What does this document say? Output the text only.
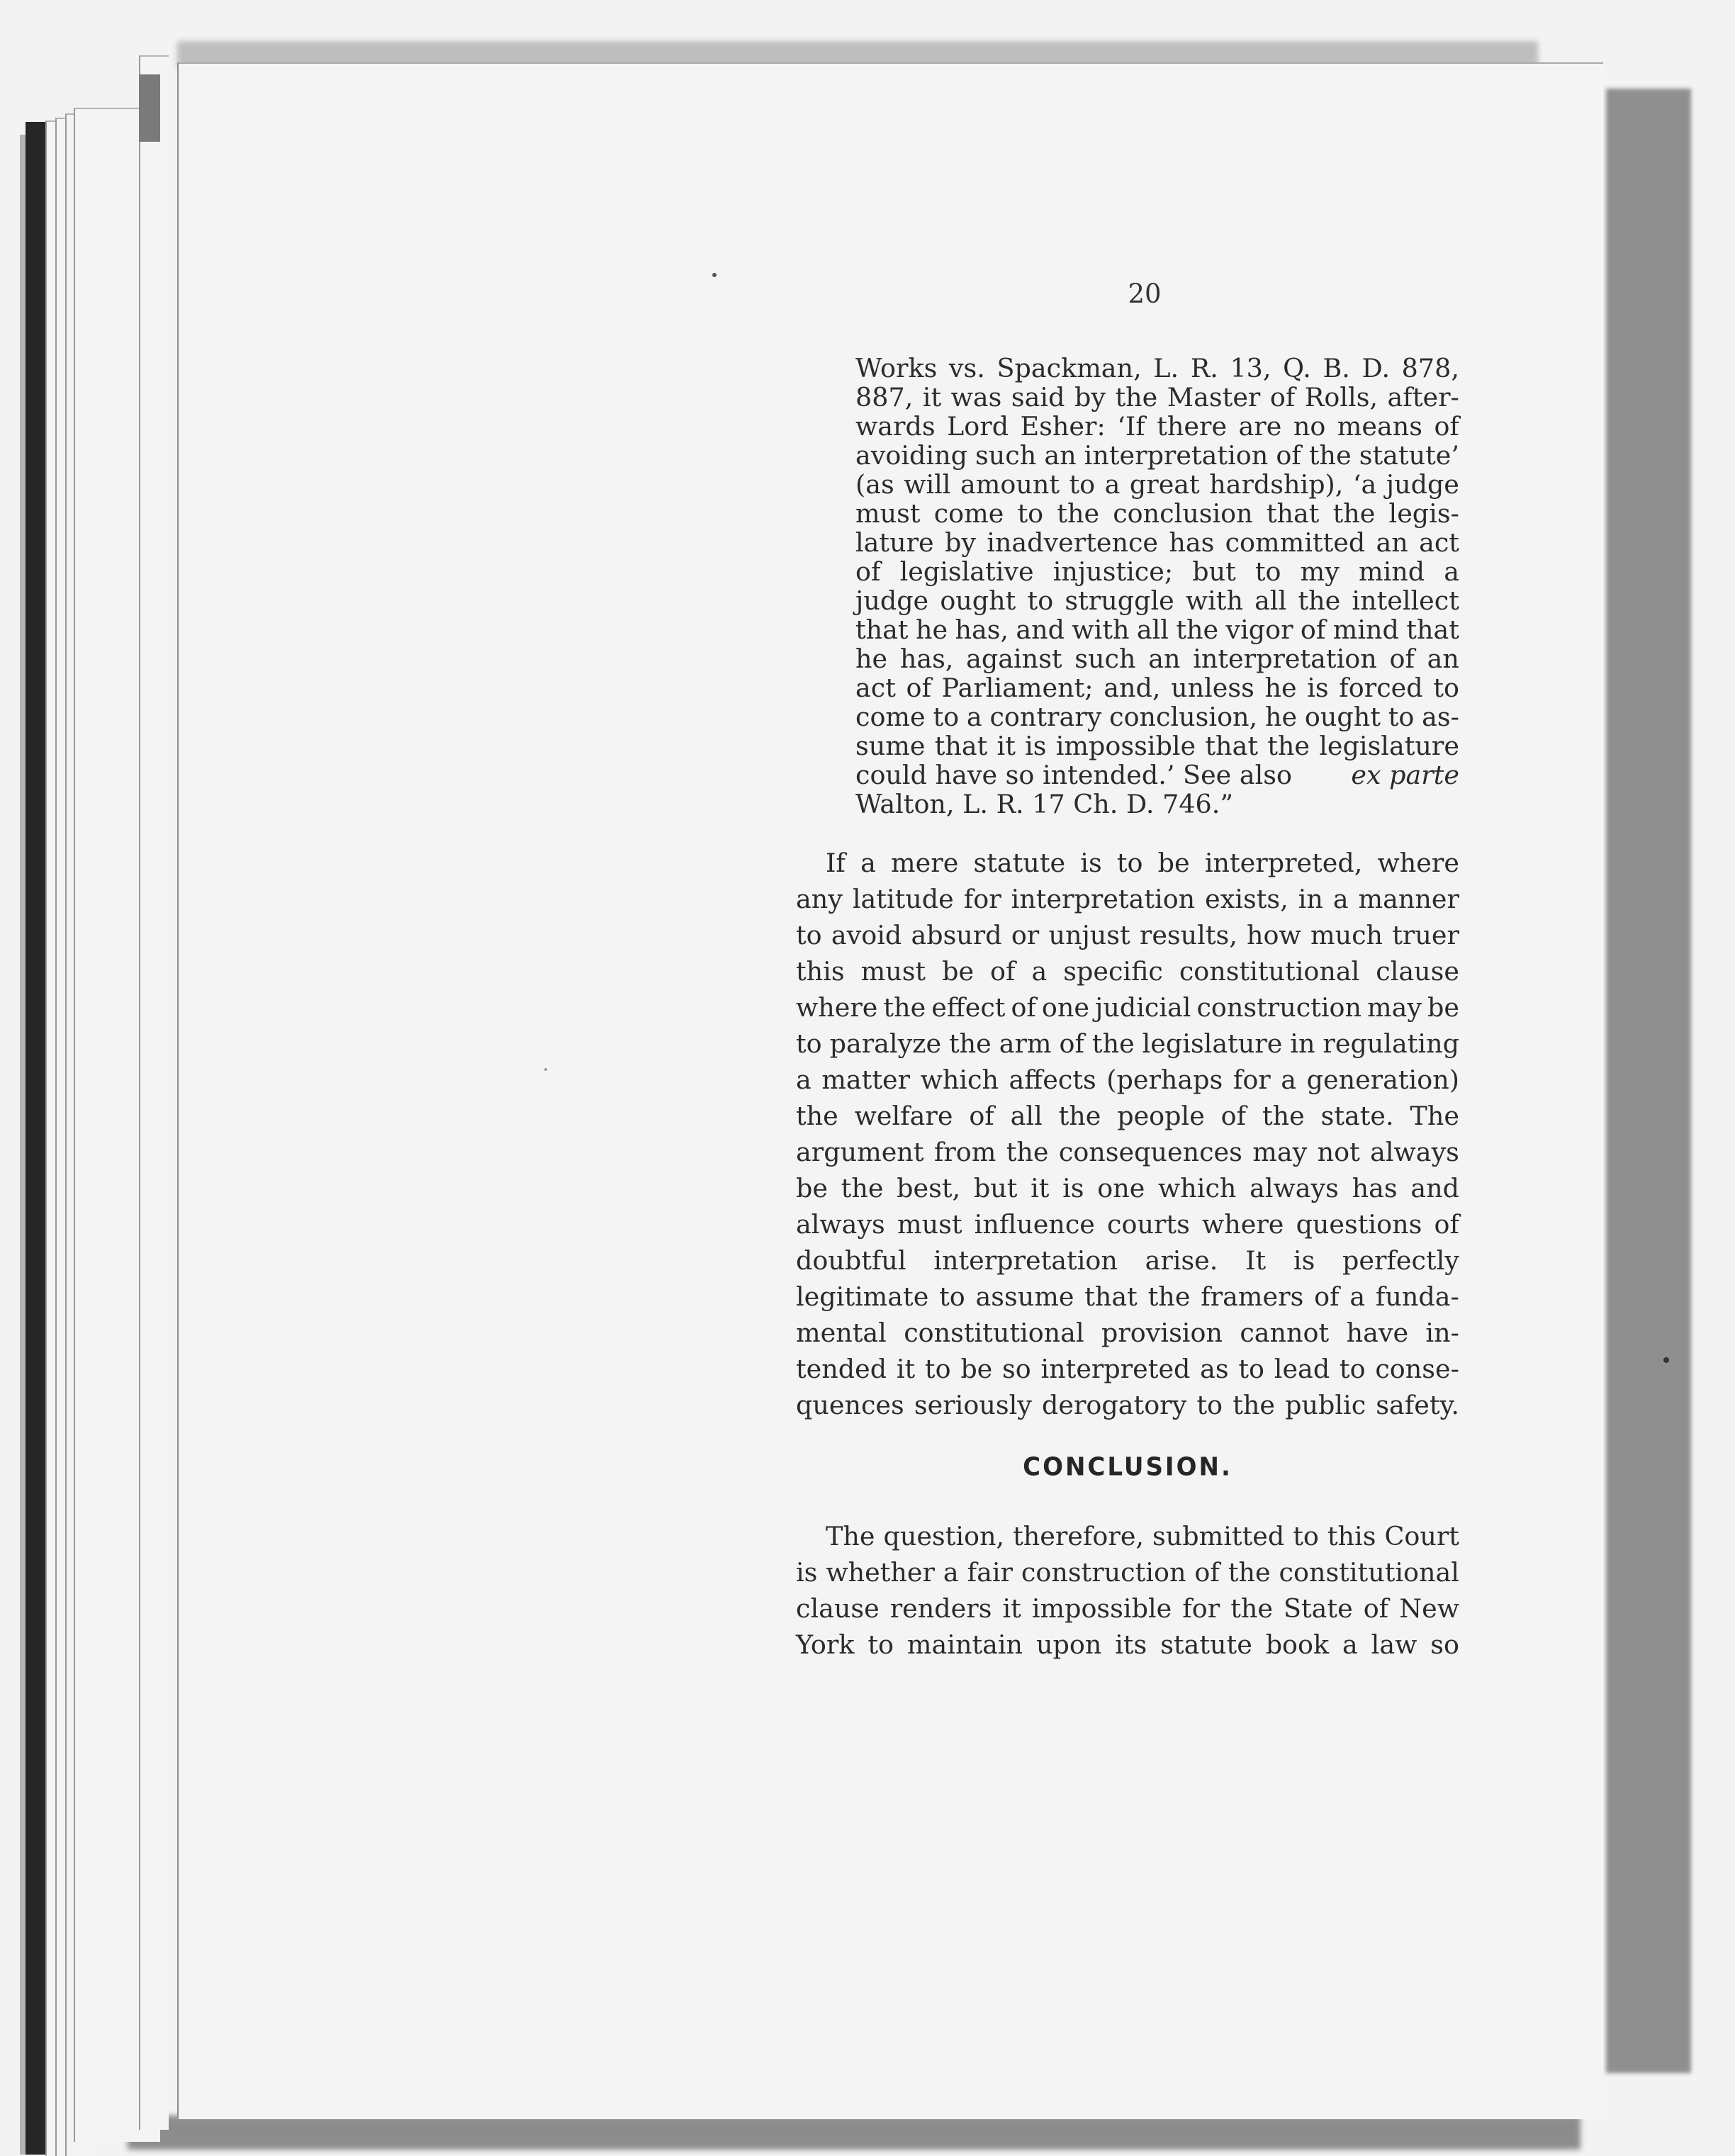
20
Works vs. Spackman, L. R. 13, Q. B. D. 878,
887, it was said by the Master of Rolls, after-
wards Lord Esher: ‘If there are no means of
avoiding such an interpretation of the statute’
(as will amount to a great hardship), ‘a judge
must come to the conclusion that the legis-
lature by inadvertence has committed an act
of legislative injustice; but to my mind a
judge ought to struggle with all the intellect
that he has, and with all the vigor of mind that
he has, against such an interpretation of an
act of Parliament; and, unless he is forced to
come to a contrary conclusion, he ought to as-
sume that it is impossible that the legislature
could have so intended.’ See also ex parte
Walton, L. R. 17 Ch. D. 746.”
If a mere statute is to be interpreted, where
any latitude for interpretation exists, in a manner
to avoid absurd or unjust results, how much truer
this must be of a specific constitutional clause
where the effect of one judicial construction may be
to paralyze the arm of the legislature in regulating
a matter which affects (perhaps for a generation)
the welfare of all the people of the state. The
argument from the consequences may not always
be the best, but it is one which always has and
always must influence courts where questions of
doubtful interpretation arise. It is perfectly
legitimate to assume that the framers of a funda-
mental constitutional provision cannot have in-
tended it to be so interpreted as to lead to conse-
quences seriously derogatory to the public safety.
CONCLUSION.
The question, therefore, submitted to this Court
is whether a fair construction of the constitutional
clause renders it impossible for the State of New
York to maintain upon its statute book a law so
